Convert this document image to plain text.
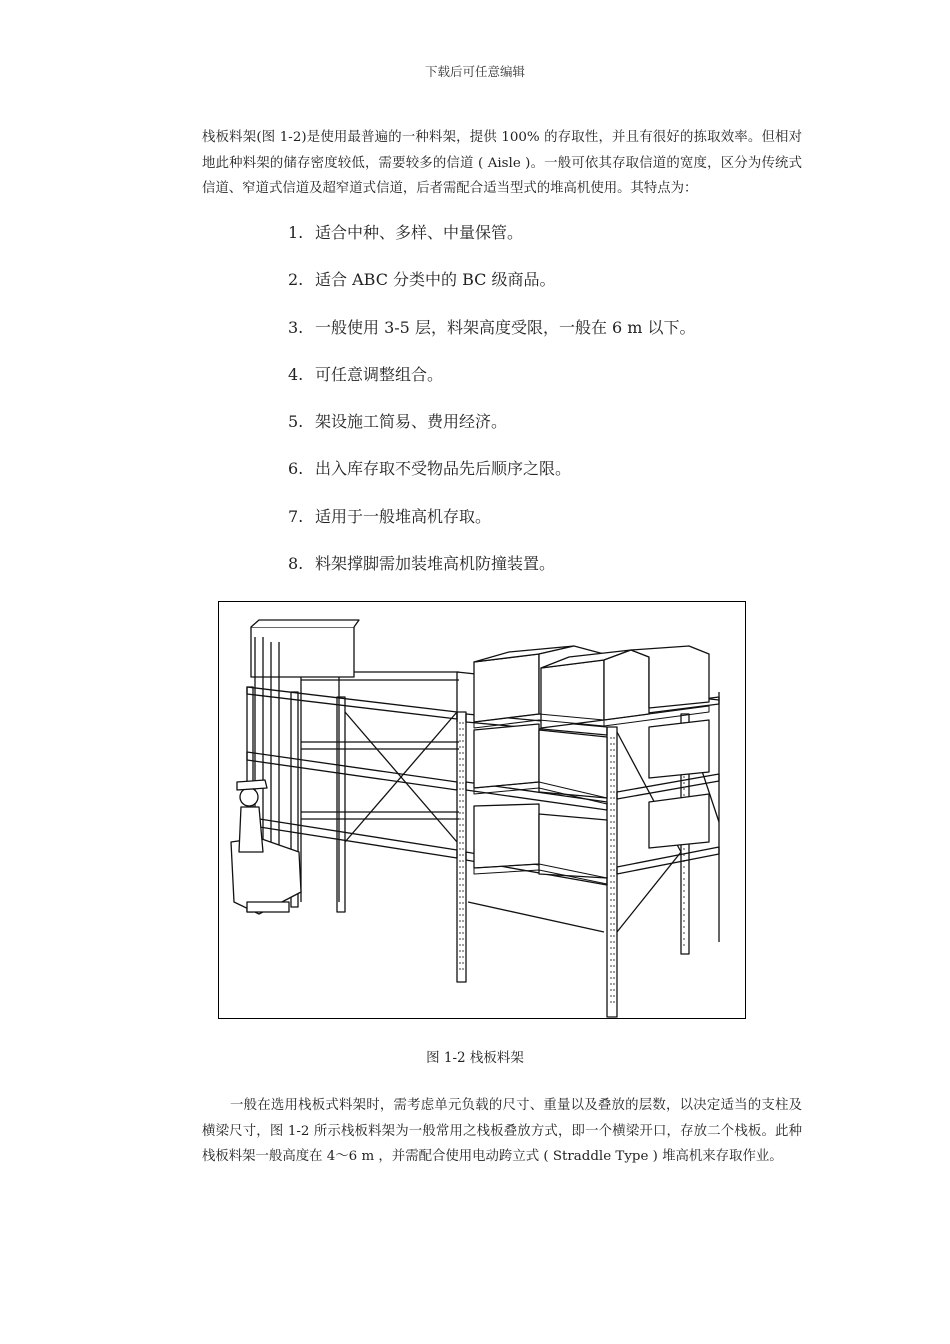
下载后可任意编辑
栈板料架(图 1-2)是使用最普遍的一种料架，提供 100% 的存取性，并且有很好的拣取效率。但相对地此种料架的储存密度较低，需要较多的信道 ( Aisle )。一般可依其存取信道的宽度，区分为传统式信道、窄道式信道及超窄道式信道，后者需配合适当型式的堆高机使用。其特点为：
1. 适合中种、多样、中量保管。
2. 适合 ABC 分类中的 BC 级商品。
3. 一般使用 3-5 层，料架高度受限，一般在 6 m 以下。
4. 可任意调整组合。
5. 架设施工简易、费用经济。
6. 出入库存取不受物品先后顺序之限。
7. 适用于一般堆高机存取。
8. 料架撑脚需加装堆高机防撞装置。
图 1-2 栈板料架
一般在选用栈板式料架时，需考虑单元负载的尺寸、重量以及叠放的层数，以决定适当的支柱及横梁尺寸，图 1-2 所示栈板料架为一般常用之栈板叠放方式，即一个横梁开口，存放二个栈板。此种栈板料架一般高度在 4～6 m ，并需配合使用电动跨立式 ( Straddle Type ) 堆高机来存取作业。
